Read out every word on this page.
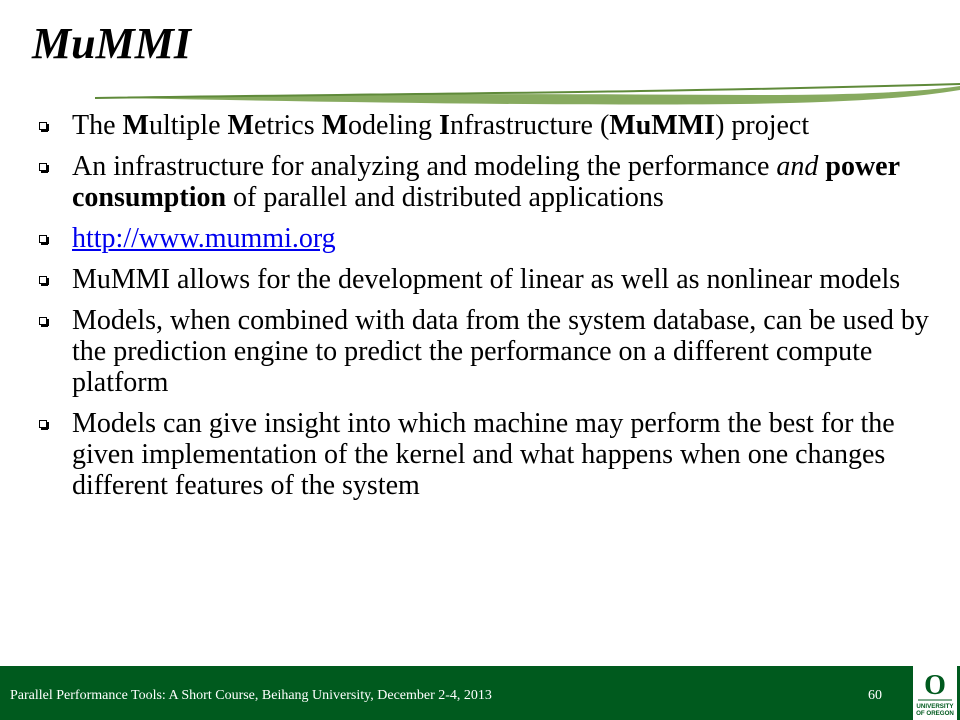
MuMMI
The Multiple Metrics Modeling Infrastructure (MuMMI) project
An infrastructure for analyzing and modeling the performance and power consumption of parallel and distributed applications
http://www.mummi.org
MuMMI allows for the development of linear as well as nonlinear models
Models, when combined with data from the system database, can be used by the prediction engine to predict the performance on a different compute platform
Models can give insight into which machine may perform the best for the given implementation of the kernel and what happens when one changes different features of the system
Parallel Performance Tools: A Short Course, Beihang University, December 2-4, 2013	60 O
UNIVERSITY
OF OREGON
